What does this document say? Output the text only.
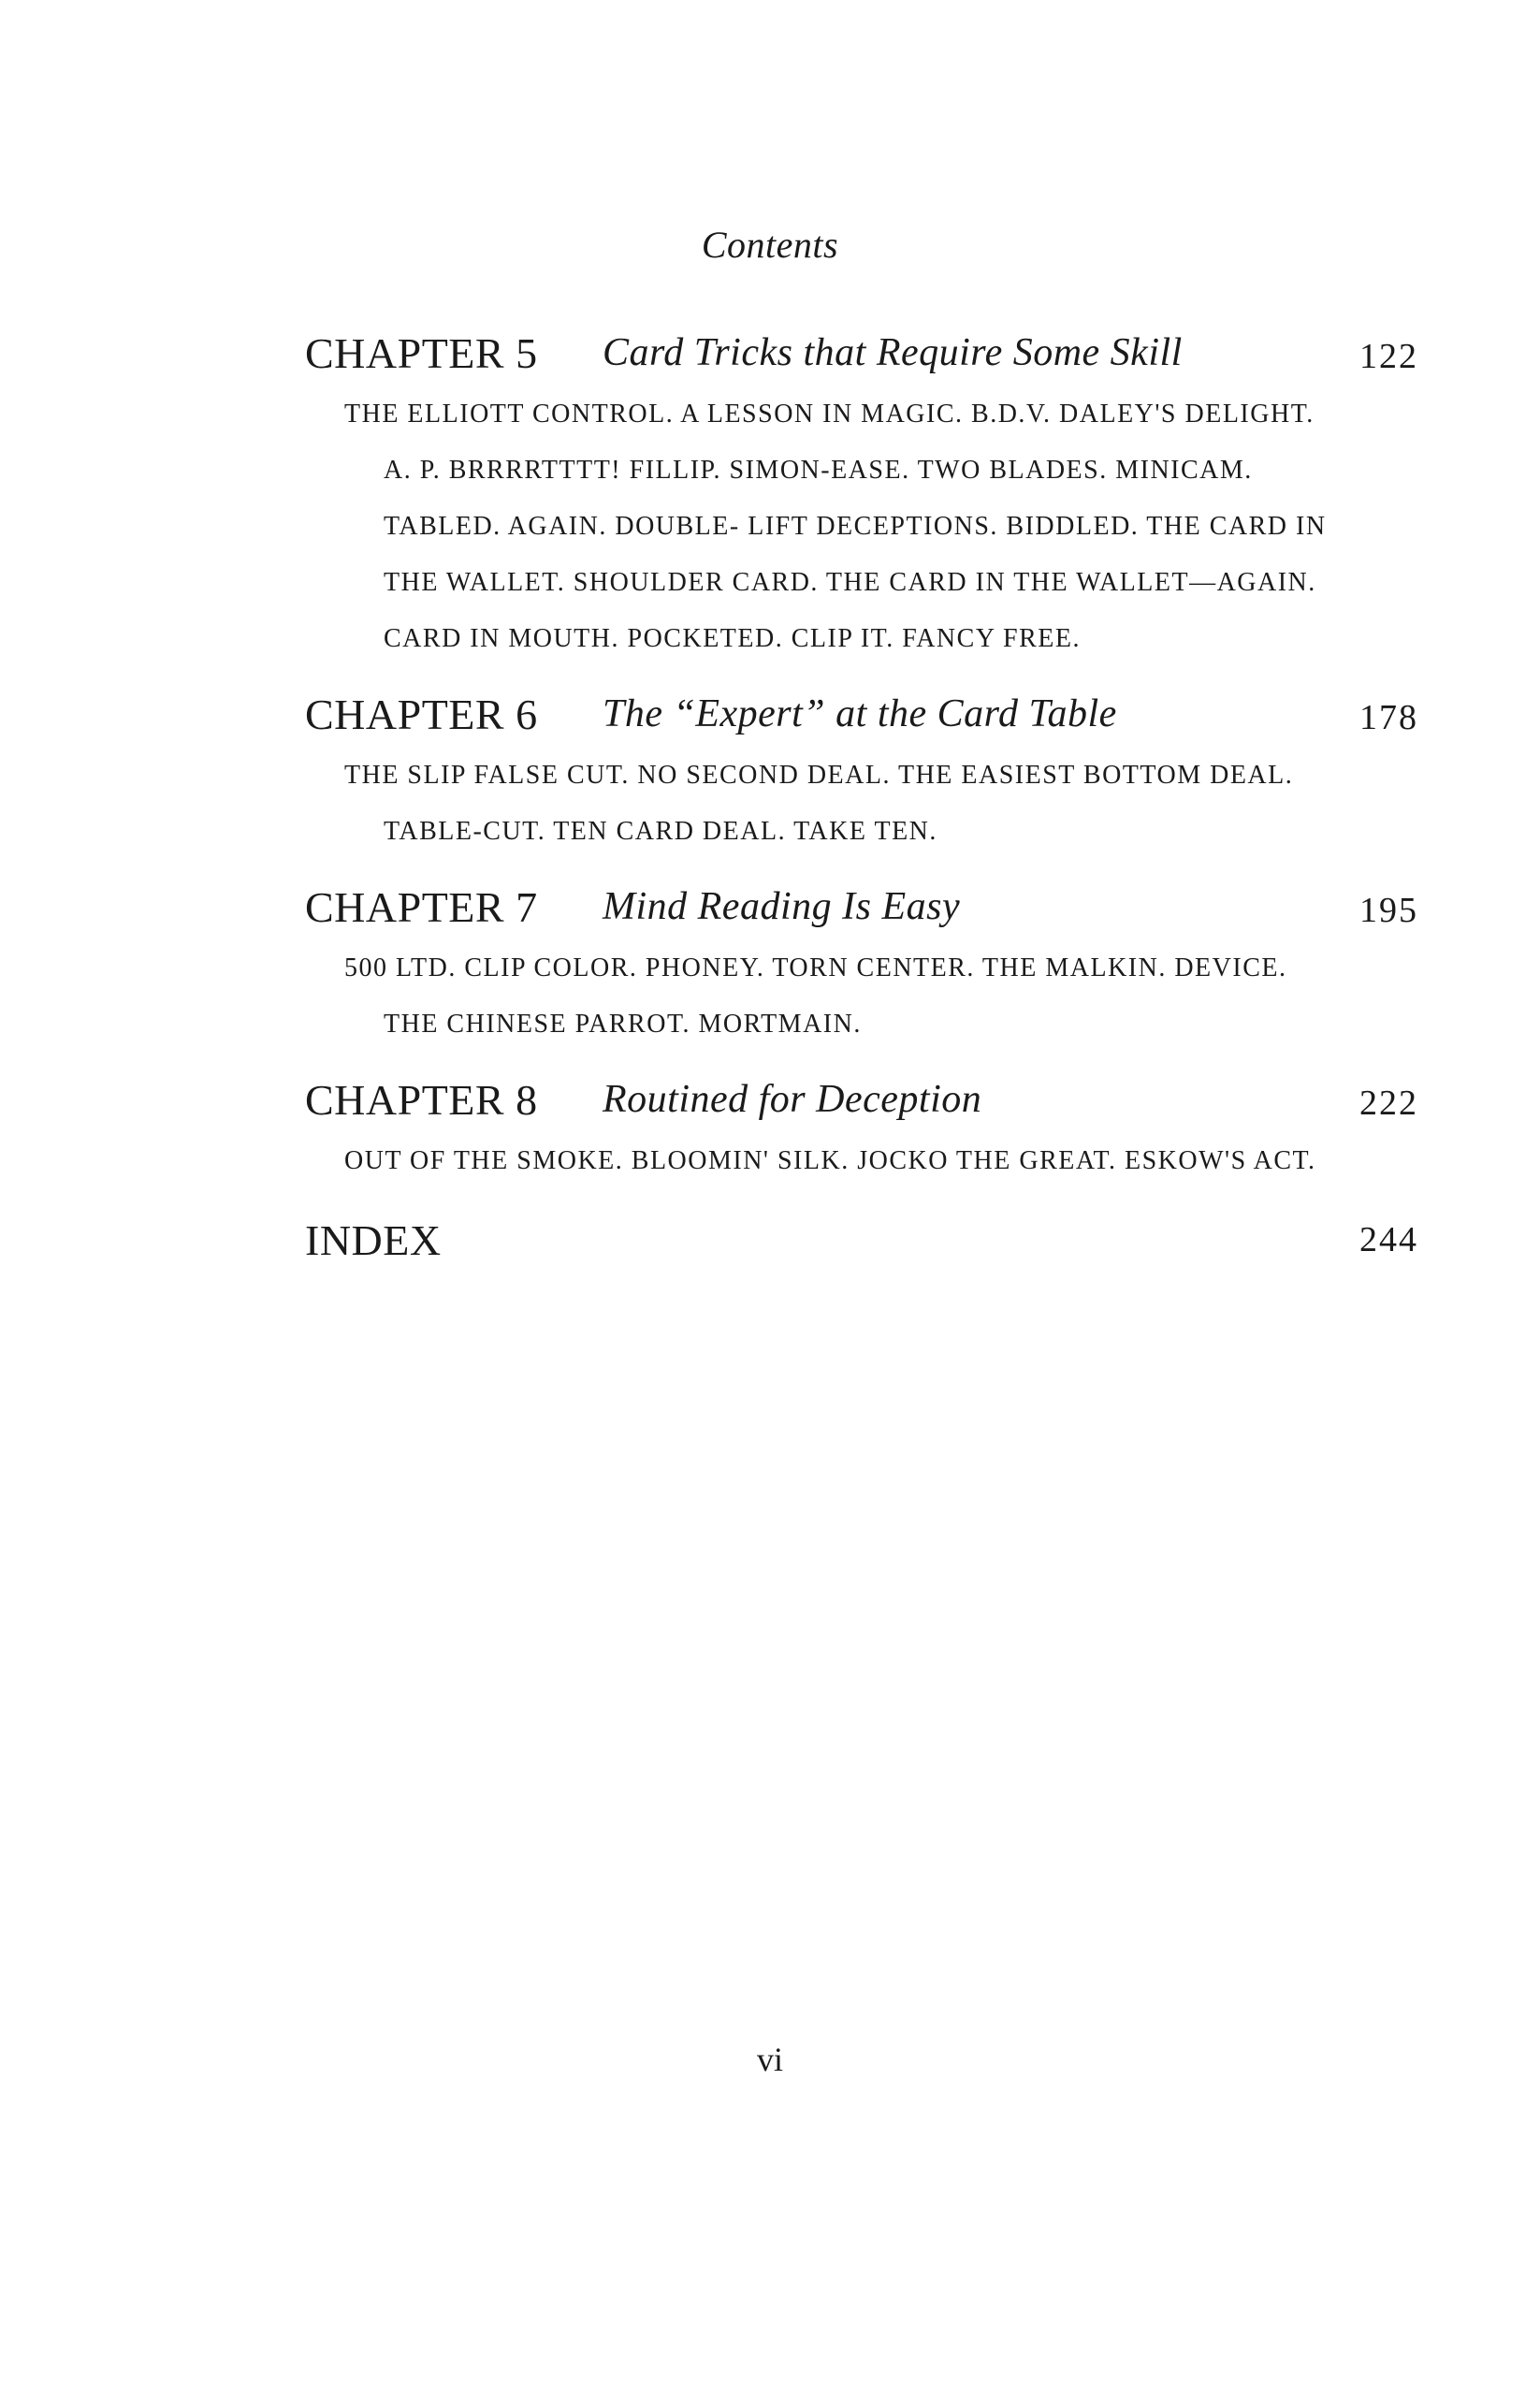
Contents
CHAPTER 5 Card Tricks that Require Some Skill	122
THE ELLIOTT CONTROL. A LESSON IN MAGIC. B.D.V. DALEY'S DELIGHT. A. P. BRRRRTTTT! FILLIP. SIMON-EASE. TWO BLADES. MINICAM. TABLED. AGAIN. DOUBLE- LIFT DECEPTIONS. BIDDLED. THE CARD IN THE WALLET. SHOULDER CARD. THE CARD IN THE WALLET—AGAIN. CARD IN MOUTH. POCKETED. CLIP IT. FANCY FREE.
CHAPTER 6 The “Expert” at the Card Table	178
THE SLIP FALSE CUT. NO SECOND DEAL. THE EASIEST BOTTOM DEAL. TABLE-CUT. TEN CARD DEAL. TAKE TEN.
CHAPTER 7 Mind Reading Is Easy	195
500 LTD. CLIP COLOR. PHONEY. TORN CENTER. THE MALKIN. DEVICE. THE CHINESE PARROT. MORTMAIN.
CHAPTER 8 Routined for Deception	222
OUT OF THE SMOKE. BLOOMIN' SILK. JOCKO THE GREAT. ESKOW'S ACT.
INDEX	244
vi
